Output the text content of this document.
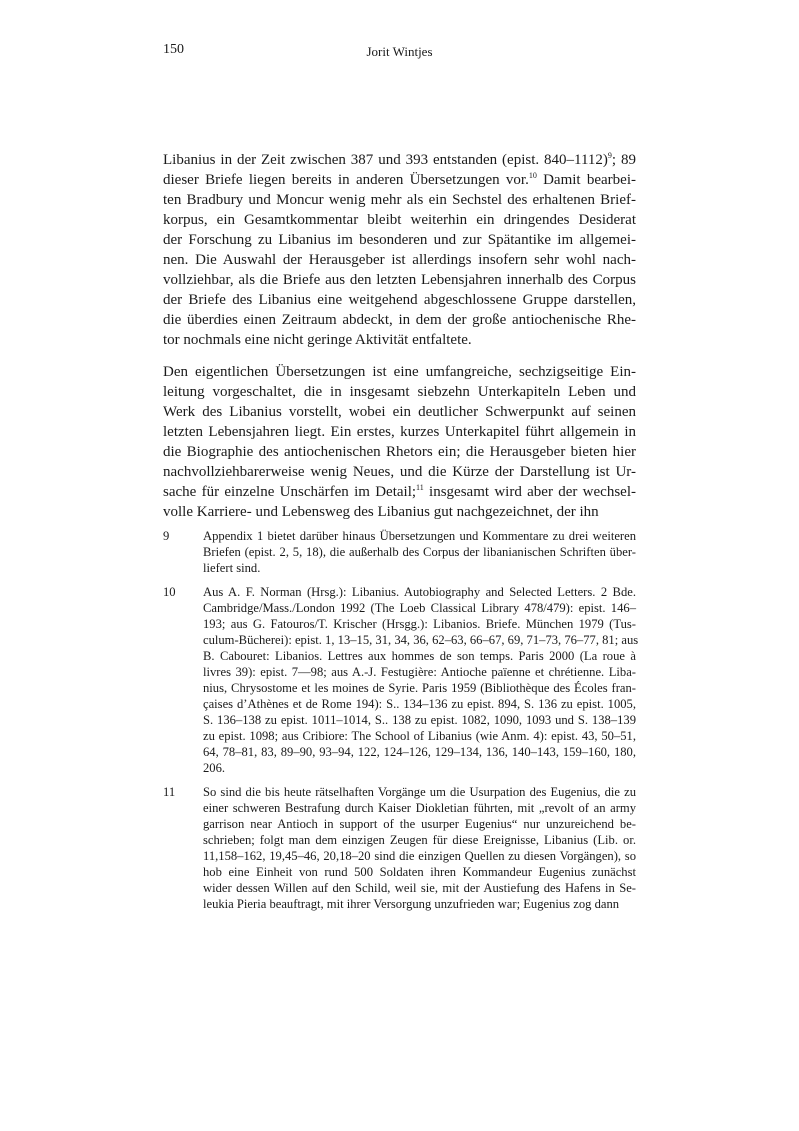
150	Jorit Wintjes
Libanius in der Zeit zwischen 387 und 393 entstanden (epist. 840–1112)$^9$; 89
dieser Briefe liegen bereits in anderen Übersetzungen vor.$^{10}$ Damit bearbei-
ten Bradbury und Moncur wenig mehr als ein Sechstel des erhaltenen Brief-
korpus, ein Gesamtkommentar bleibt weiterhin ein dringendes Desiderat
der Forschung zu Libanius im besonderen und zur Spätantike im allgemei-
nen. Die Auswahl der Herausgeber ist allerdings insofern sehr wohl nach-
vollziehbar, als die Briefe aus den letzten Lebensjahren innerhalb des Corpus
der Briefe des Libanius eine weitgehend abgeschlossene Gruppe darstellen,
die überdies einen Zeitraum abdeckt, in dem der große antiochenische Rhe-
tor nochmals eine nicht geringe Aktivität entfaltete.
Den eigentlichen Übersetzungen ist eine umfangreiche, sechzigseitige Ein-
leitung vorgeschaltet, die in insgesamt siebzehn Unterkapiteln Leben und
Werk des Libanius vorstellt, wobei ein deutlicher Schwerpunkt auf seinen
letzten Lebensjahren liegt. Ein erstes, kurzes Unterkapitel führt allgemein in
die Biographie des antiochenischen Rhetors ein; die Herausgeber bieten hier
nachvollziehbarerweise wenig Neues, und die Kürze der Darstellung ist Ur-
sache für einzelne Unschärfen im Detail;$^{11}$ insgesamt wird aber der wechsel-
volle Karriere- und Lebensweg des Libanius gut nachgezeichnet, der ihn
9	Appendix 1 bietet darüber hinaus Übersetzungen und Kommentare zu drei weiteren
Briefen (epist. 2, 5, 18), die außerhalb des Corpus der libanianischen Schriften über-
liefert sind.
10 Aus A. F. Norman (Hrsg.): Libanius. Autobiography and Selected Letters. 2 Bde.
Cambridge/Mass./London 1992 (The Loeb Classical Library 478/479): epist. 146–
193; aus G. Fatouros/T. Krischer (Hrsgg.): Libanios. Briefe. München 1979 (Tus-
culum-Bücherei): epist. 1, 13–15, 31, 34, 36, 62–63, 66–67, 69, 71–73, 76–77, 81; aus
B. Cabouret: Libanios. Lettres aux hommes de son temps. Paris 2000 (La roue à
livres 39): epist. 7—98; aus A.-J. Festugière: Antioche païenne et chrétienne. Liba-
nius, Chrysostome et les moines de Syrie. Paris 1959 (Bibliothèque des Écoles fran-
çaises d’Athènes et de Rome 194): S.. 134–136 zu epist. 894, S. 136 zu epist. 1005,
S. 136–138 zu epist. 1011–1014, S.. 138 zu epist. 1082, 1090, 1093 und S. 138–139
zu epist. 1098; aus Cribiore: The School of Libanius (wie Anm. 4): epist. 43, 50–51,
64, 78–81, 83, 89–90, 93–94, 122, 124–126, 129–134, 136, 140–143, 159–160, 180,
206.
11 So sind die bis heute rätselhaften Vorgänge um die Usurpation des Eugenius, die zu
einer schweren Bestrafung durch Kaiser Diokletian führten, mit „revolt of an army
garrison near Antioch in support of the usurper Eugenius“ nur unzureichend be-
schrieben; folgt man dem einzigen Zeugen für diese Ereignisse, Libanius (Lib. or.
11,158–162, 19,45–46, 20,18–20 sind die einzigen Quellen zu diesen Vorgängen), so
hob eine Einheit von rund 500 Soldaten ihren Kommandeur Eugenius zunächst
wider dessen Willen auf den Schild, weil sie, mit der Austiefung des Hafens in Se-
leukia Pieria beauftragt, mit ihrer Versorgung unzufrieden war; Eugenius zog dann
